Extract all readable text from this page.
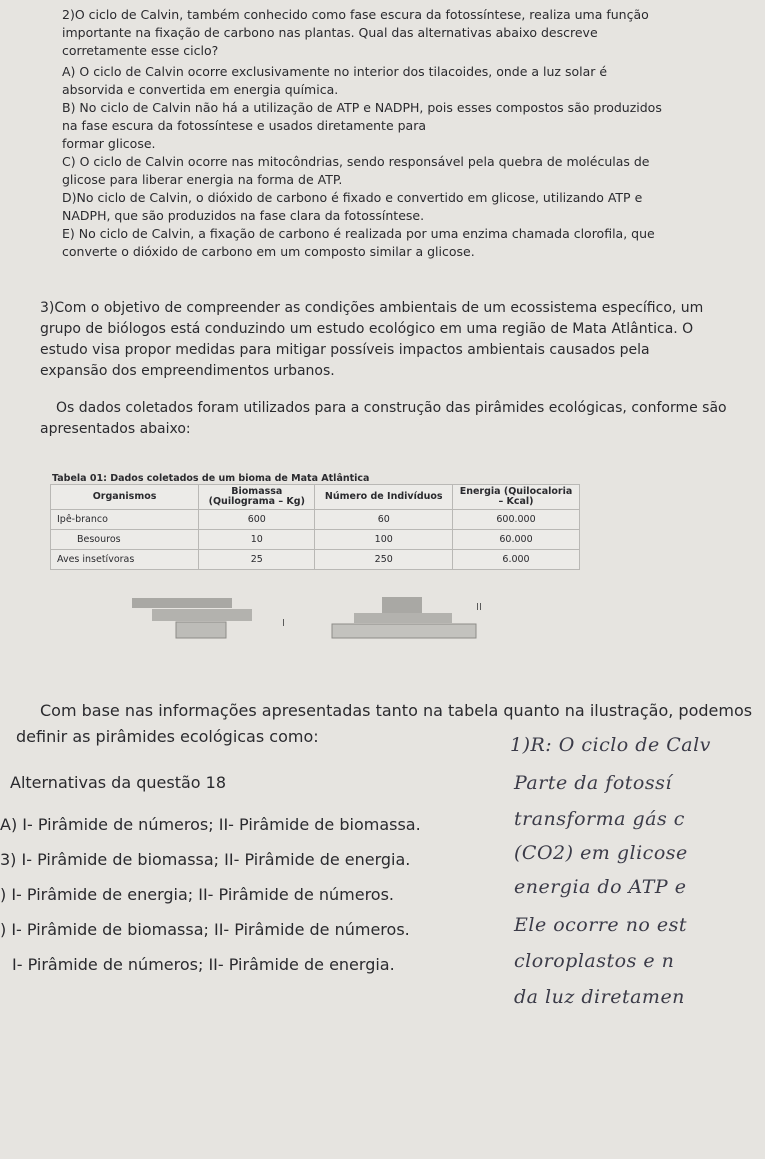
2)O ciclo de Calvin, também conhecido como fase escura da fotossíntese, realiza uma função

importante na fixação de carbono nas plantas. Qual das alternativas abaixo descreve

corretamente esse ciclo?

A) O ciclo de Calvin ocorre exclusivamente no interior dos tilacoides, onde a luz solar é

absorvida e convertida em energia química.

B) No ciclo de Calvin não há a utilização de ATP e NADPH, pois esses compostos são produzidos

na fase escura da fotossíntese e usados diretamente para

formar glicose.

C) O ciclo de Calvin ocorre nas mitocôndrias, sendo responsável pela quebra de moléculas de

glicose para liberar energia na forma de ATP.

D)No ciclo de Calvin, o dióxido de carbono é fixado e convertido em glicose, utilizando ATP e

NADPH, que são produzidos na fase clara da fotossíntese.

E) No ciclo de Calvin, a fixação de carbono é realizada por uma enzima chamada clorofila, que

converte o dióxido de carbono em um composto similar a glicose.

3)Com o objetivo de compreender as condições ambientais de um ecossistema específico, um

grupo de biólogos está conduzindo um estudo ecológico em uma região de Mata Atlântica. O

estudo visa propor medidas para mitigar possíveis impactos ambientais causados pela

expansão dos empreendimentos urbanos.

Os dados coletados foram utilizados para a construção das pirâmides ecológicas, conforme são

apresentados abaixo:

Tabela 01: Dados coletados de um bioma de Mata Atlântica
Organismos	Biomassa (Quilograma – Kg)	Número de Indivíduos	Energia (Quilocaloria – Kcal)
Ipê-branco	600	60	600.000
Besouros	10	100	60.000
Aves insetívoras	25	250	6.000
I
II

Com base nas informações apresentadas tanto na tabela quanto na ilustração, podemos

definir as pirâmides ecológicas como:

Alternativas da questão 18

A) I- Pirâmide de números; II- Pirâmide de biomassa.

3) I- Pirâmide de biomassa; II- Pirâmide de energia.

) I- Pirâmide de energia; II- Pirâmide de números.

) I- Pirâmide de biomassa; II- Pirâmide de números.

I- Pirâmide de números; II- Pirâmide de energia.

1)R: O ciclo de Calv
Parte da fotossí
transforma gás c
(CO2) em glicose
energia do ATP e
Ele ocorre no est
cloroplastos e n
da luz diretamen
